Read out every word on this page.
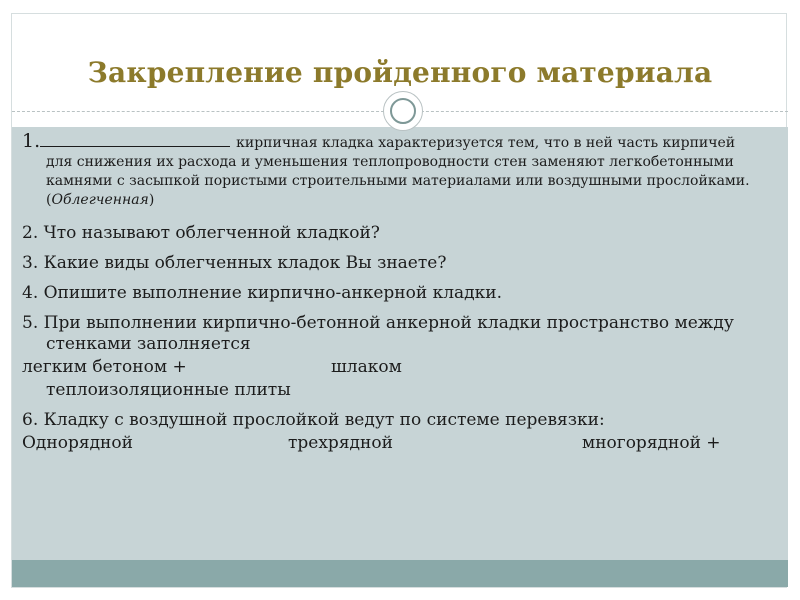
Закрепление пройденного материала
1.	кирпичная кладка характеризуется тем, что в ней часть кирпичей для снижения их расхода и уменьшения теплопроводности стен заменяют легкобетонными камнями с засыпкой пористыми строительными материалами или воздушными прослойками.
(Облегченная)
2. Что называют облегченной кладкой?
3. Какие виды облегченных кладок Вы знаете?
4. Опишите выполнение кирпично-анкерной кладки.
5. При выполнении кирпично-бетонной анкерной кладки пространство между стенками заполняется
легким бетоном +	шлаком
теплоизоляционные плиты
6. Кладку с воздушной прослойкой ведут по системе перевязки:
Однорядной	трехрядной	многорядной +
